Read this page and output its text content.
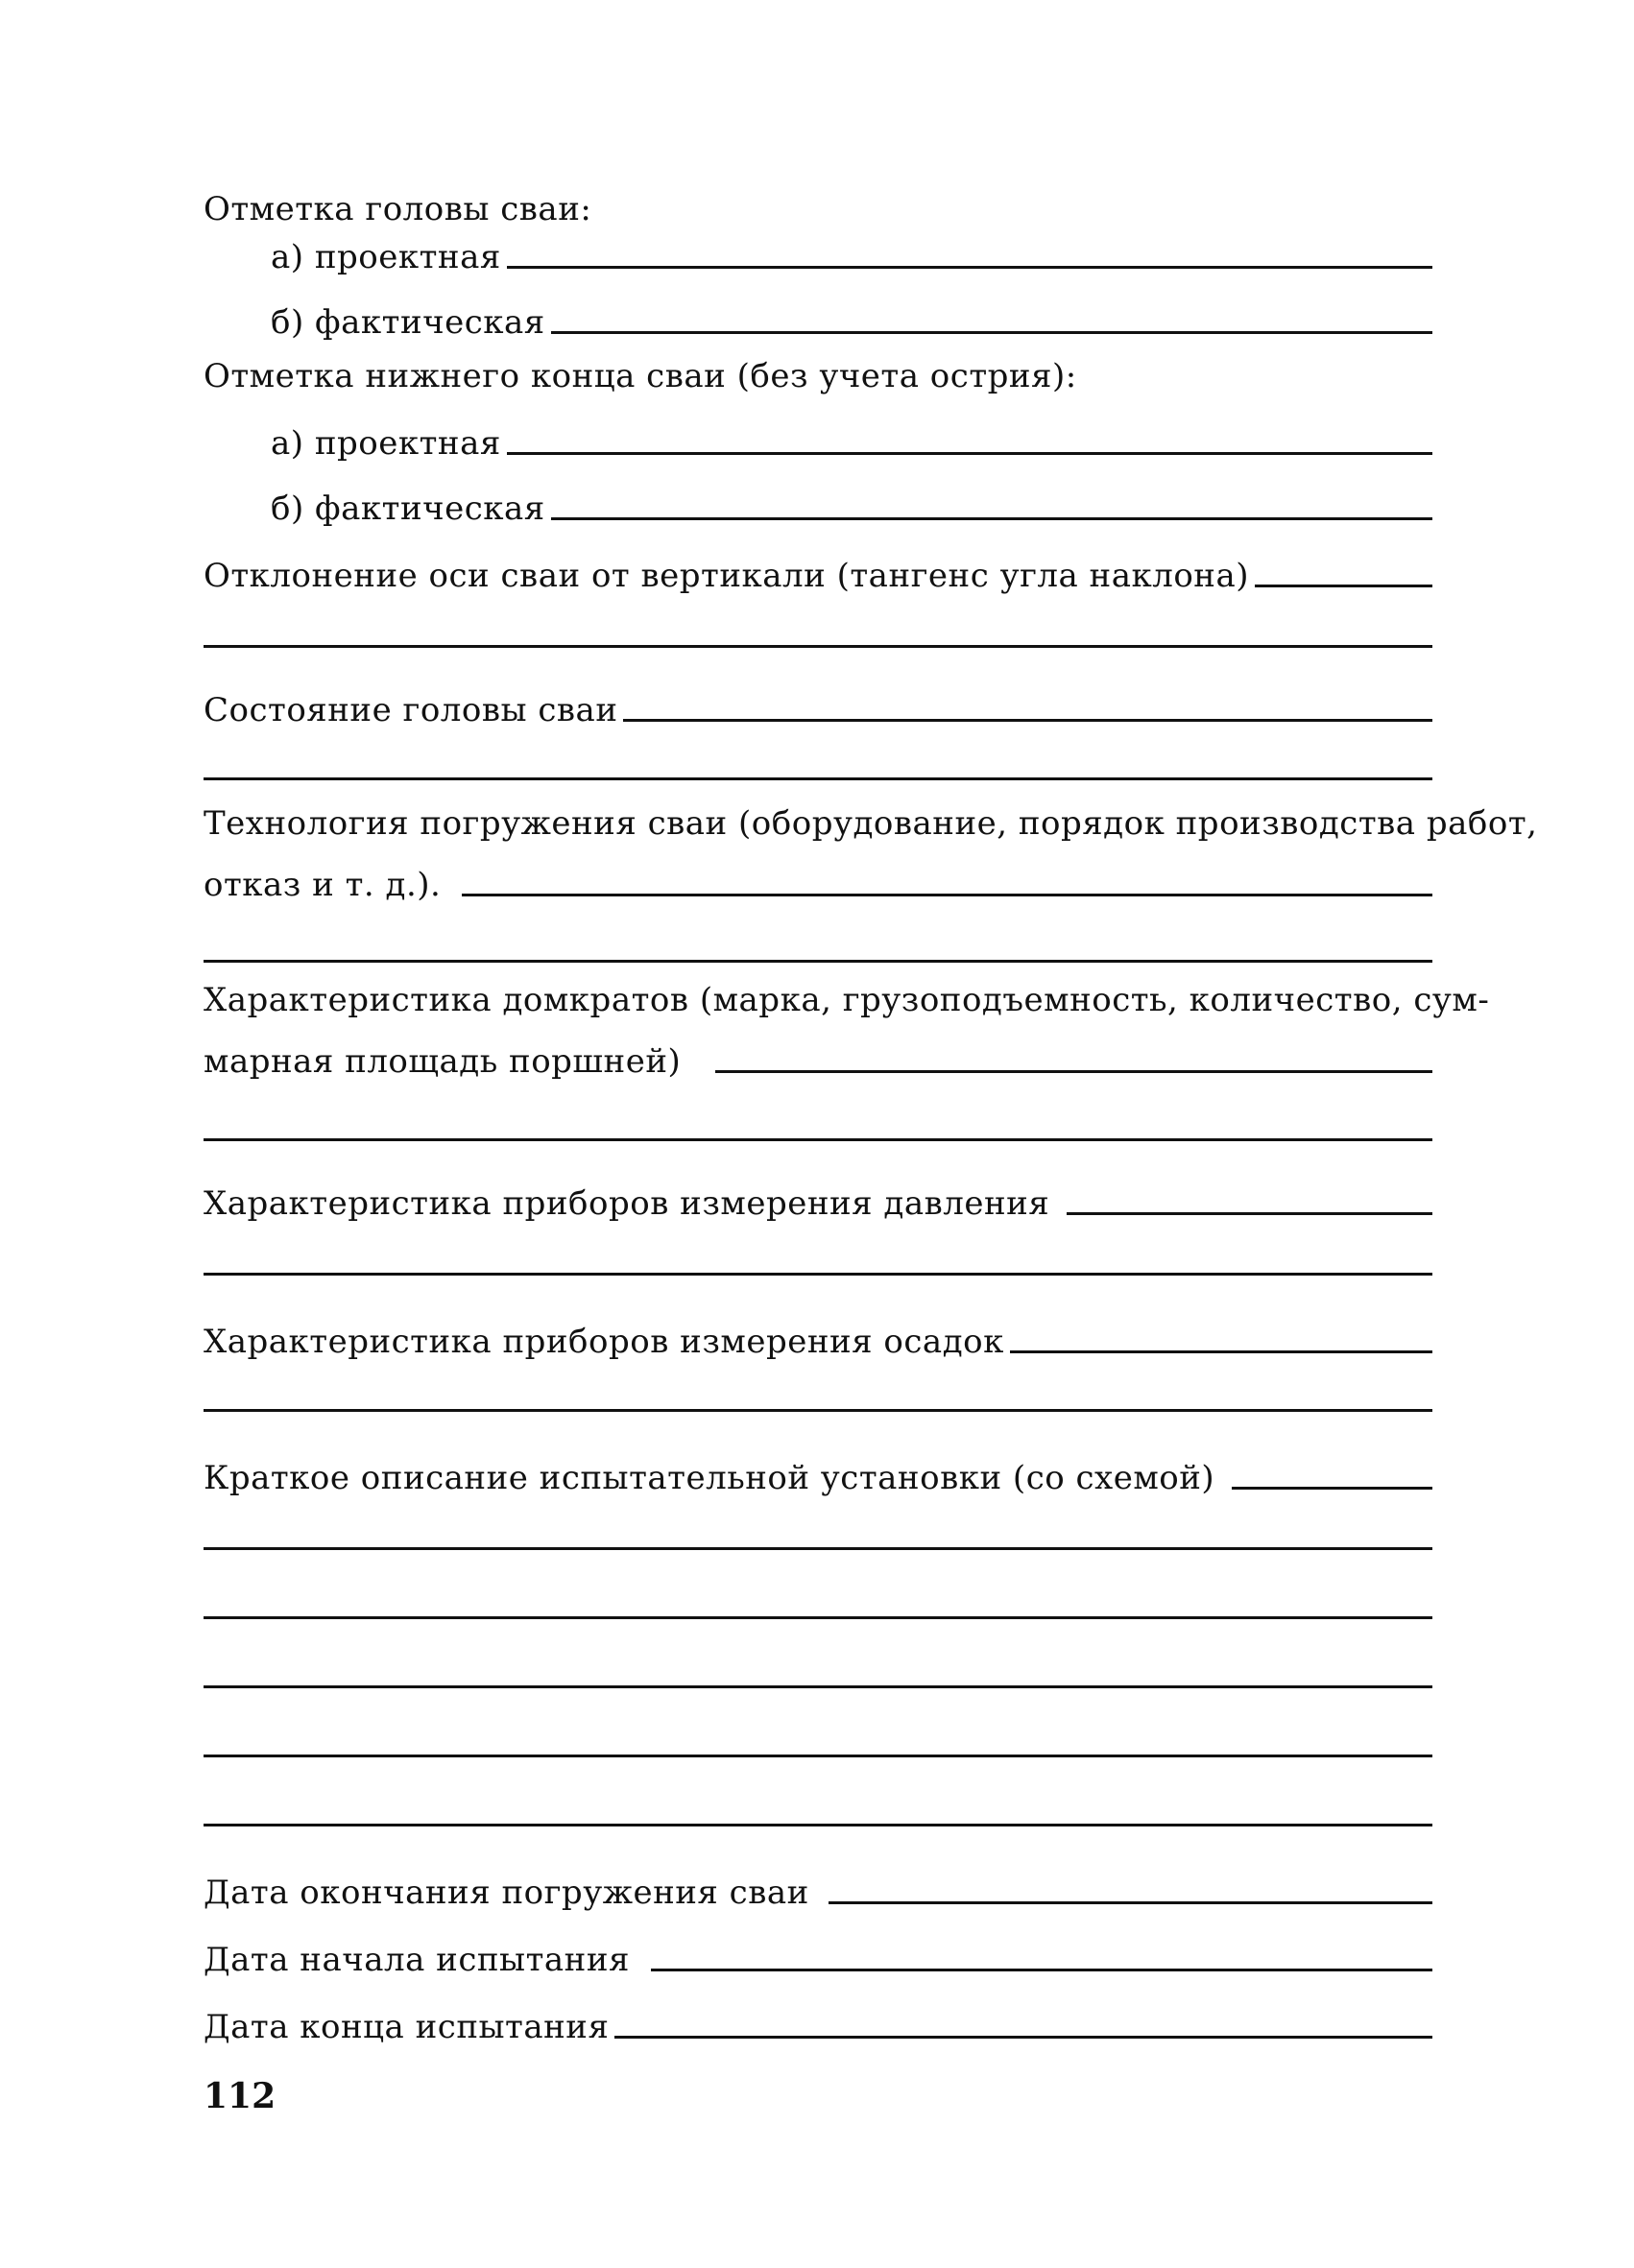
Отметка головы сваи:
а) проектная
б) фактическая
Отметка нижнего конца сваи (без учета острия):
а) проектная
б) фактическая
Отклонение оси сваи от вертикали (тангенс угла наклона)
Состояние головы сваи
Технология погружения сваи (оборудование, порядок производства работ,
отказ и т. д.).
Характеристика домкратов (марка, грузоподъемность, количество, сум-
марная площадь поршней)
Характеристика приборов измерения давления
Характеристика приборов измерения осадок
Краткое описание испытательной установки (со схемой)
Дата окончания погружения сваи
Дата начала испытания
Дата конца испытания
112
